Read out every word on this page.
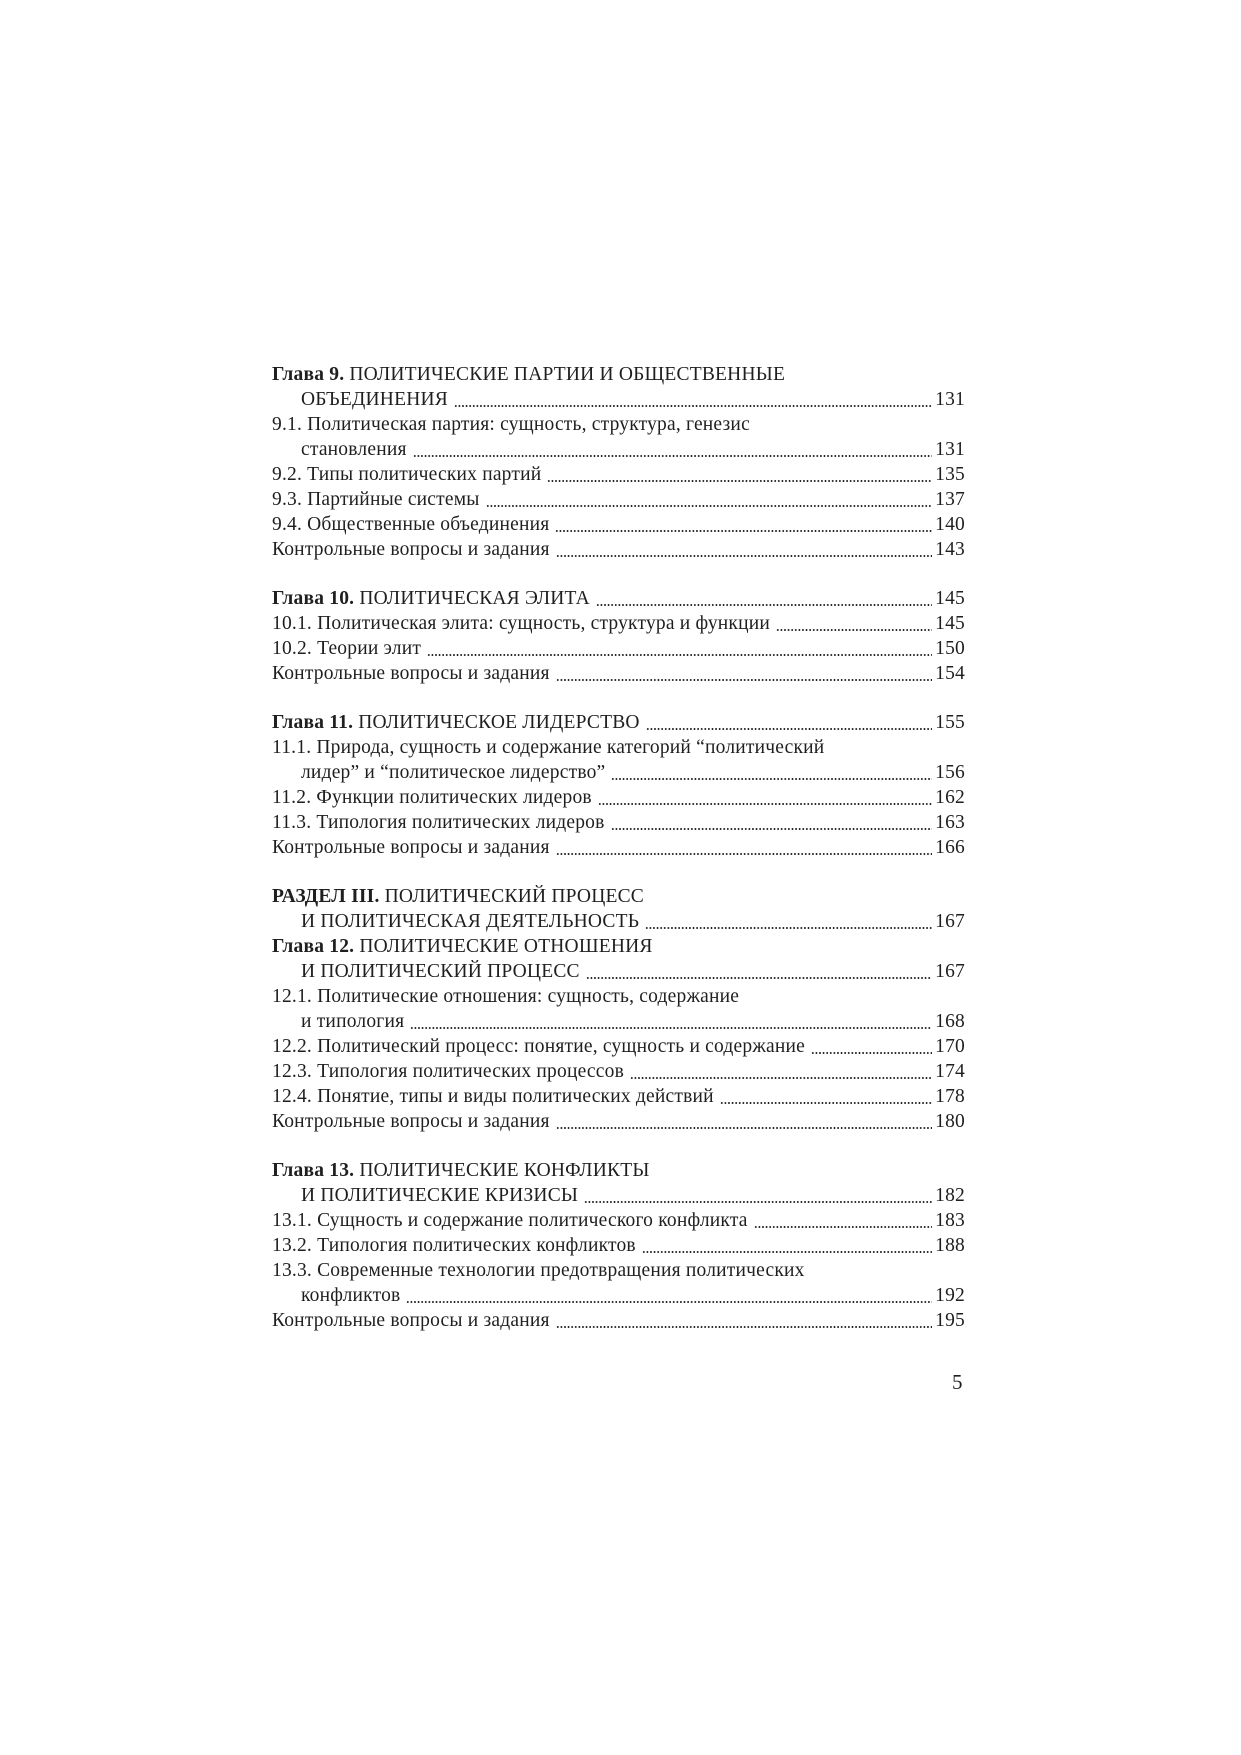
Глава 9. ПОЛИТИЧЕСКИЕ ПАРТИИ И ОБЩЕСТВЕННЫЕ
ОБЪЕДИНЕНИЯ	131
9.1. Политическая партия: сущность, структура, генезис
становления	131
9.2. Типы политических партий	135
9.3. Партийные системы	137
9.4. Общественные объединения	140
Контрольные вопросы и задания	143
Глава 10. ПОЛИТИЧЕСКАЯ ЭЛИТА	145
10.1. Политическая элита: сущность, структура и функции	145
10.2. Теории элит	150
Контрольные вопросы и задания	154
Глава 11. ПОЛИТИЧЕСКОЕ ЛИДЕРСТВО	155
11.1. Природа, сущность и содержание категорий “политический
лидер” и “политическое лидерство”	156
11.2. Функции политических лидеров	162
11.3. Типология политических лидеров	163
Контрольные вопросы и задания	166
РАЗДЕЛ III. ПОЛИТИЧЕСКИЙ ПРОЦЕСС
И ПОЛИТИЧЕСКАЯ ДЕЯТЕЛЬНОСТЬ	167
Глава 12. ПОЛИТИЧЕСКИЕ ОТНОШЕНИЯ
И ПОЛИТИЧЕСКИЙ ПРОЦЕСС	167
12.1. Политические отношения: сущность, содержание
и типология	168
12.2. Политический процесс: понятие, сущность и содержание	170
12.3. Типология политических процессов	174
12.4. Понятие, типы и виды политических действий	178
Контрольные вопросы и задания	180
Глава 13. ПОЛИТИЧЕСКИЕ КОНФЛИКТЫ
И ПОЛИТИЧЕСКИЕ КРИЗИСЫ	182
13.1. Сущность и содержание политического конфликта	183
13.2. Типология политических конфликтов	188
13.3. Современные технологии предотвращения политических
конфликтов	192
Контрольные вопросы и задания	195
5
